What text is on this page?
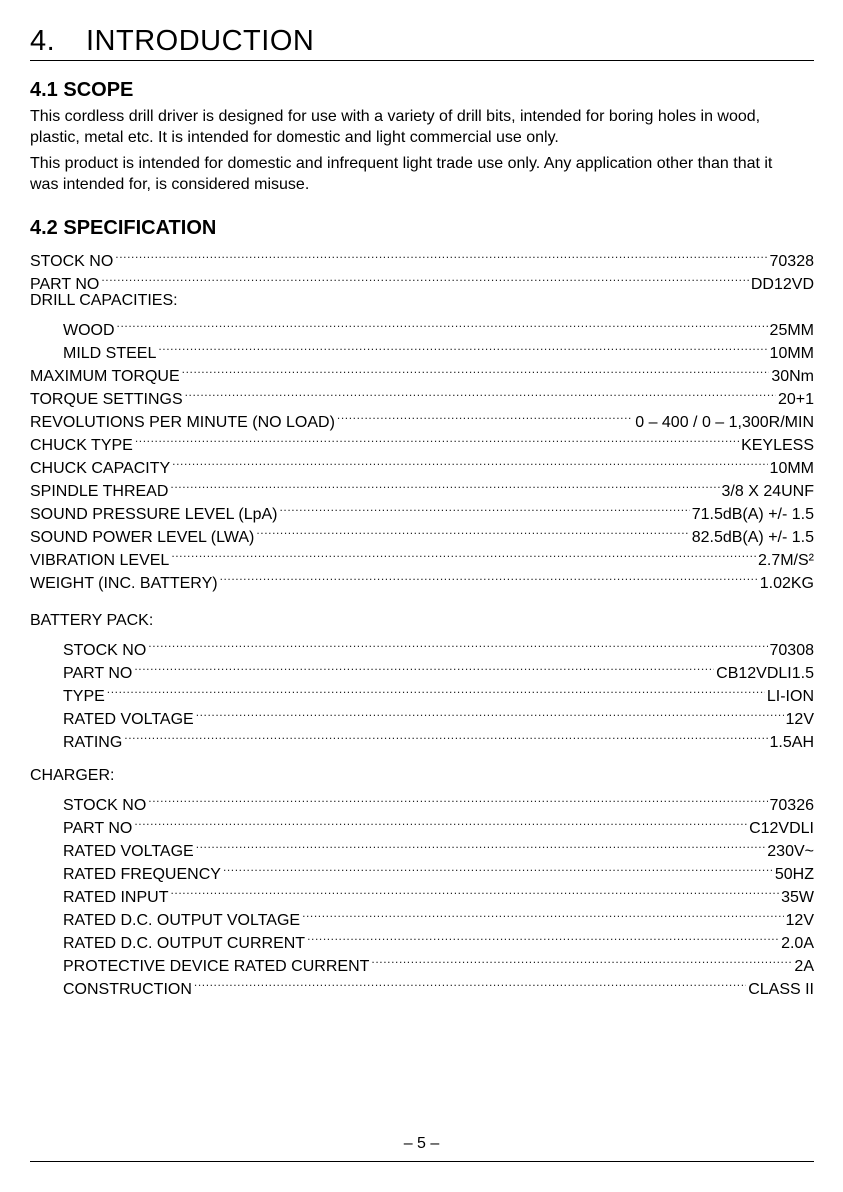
4. INTRODUCTION
4.1 SCOPE

This cordless drill driver is designed for use with a variety of drill bits, intended for boring holes in wood, plastic, metal etc. It is intended for domestic and light commercial use only.

This product is intended for domestic and infrequent light trade use only. Any application other than that it was intended for, is considered misuse.

4.2 SPECIFICATION
STOCK NO .....	70328
PART NO .....	DD12VD
DRILL CAPACITIES:
WOOD .....	25MM
MILD STEEL .....	10MM
MAXIMUM TORQUE .....	30Nm
TORQUE SETTINGS .....	20+1
REVOLUTIONS PER MINUTE (NO LOAD) .....	0 – 400 / 0 – 1,300R/MIN
CHUCK TYPE .....	KEYLESS
CHUCK CAPACITY .....	10MM
SPINDLE THREAD .....	3/8 X 24UNF
SOUND PRESSURE LEVEL (LpA) .....	71.5dB(A) +/- 1.5
SOUND POWER LEVEL (LWA) .....	82.5dB(A) +/- 1.5
VIBRATION LEVEL .....	2.7M/S²
WEIGHT (INC. BATTERY) .....	1.02KG
BATTERY PACK:
STOCK NO .....	70308
PART NO .....	CB12VDLI1.5
TYPE .....	LI-ION
RATED VOLTAGE .....	12V
RATING .....	1.5AH
CHARGER:
STOCK NO .....	70326
PART NO .....	C12VDLI
RATED VOLTAGE .....	230V~
RATED FREQUENCY .....	50HZ
RATED INPUT .....	35W
RATED D.C. OUTPUT VOLTAGE .....	12V
RATED D.C. OUTPUT CURRENT .....	2.0A
PROTECTIVE DEVICE RATED CURRENT .....	2A
CONSTRUCTION .....	CLASS II
– 5 –
